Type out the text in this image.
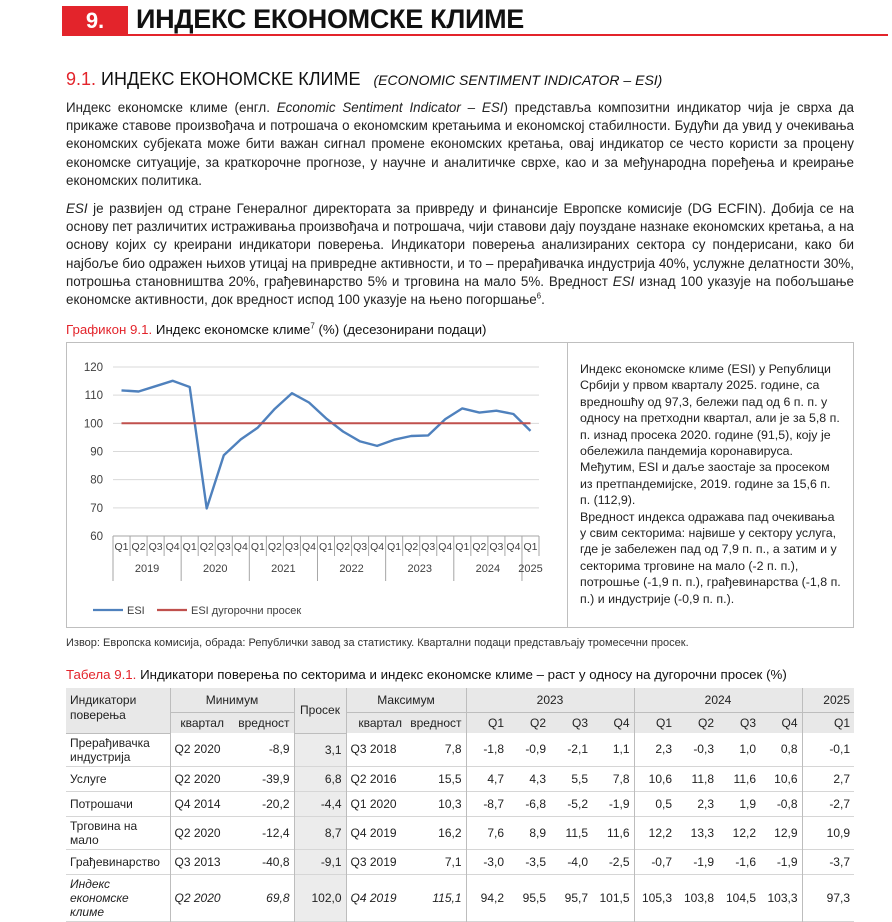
9.	ИНДЕКС ЕКОНОМСКЕ КЛИМЕ
9.1. ИНДЕКС ЕКОНОМСКЕ КЛИМЕ (ECONOMIC SENTIMENT INDICATOR – ESI)
Индекс економске климе (енгл. Economic Sentiment Indicator – ESI) представља композитни индикатор чија је сврха да прикаже ставове произвођача и потрошача о економским кретањима и економској стабилности. Будући да увид у очекивања економских субјеката може бити важан сигнал промене економских кретања, овај индикатор се често користи за процену економске ситуације, за краткорочне прогнозе, у научне и аналитичке сврхе, као и за међународна поређења и креирање економских политика.
ESI је развијен од стране Генералног директората за привреду и финансије Европске комисије (DG ECFIN). Добија се на основу пет различитих истраживања произвођача и потрошача, чији ставови дају поуздане назнаке економских кретања, а на основу којих су креирани индикатори поверења. Индикатори поверења анализираних сектора су пондерисани, како би најбоље био одражен њихов утицај на привредне активности, и то – прерађивачка индустрија 40%, услужне делатности 30%, потрошња становништва 20%, грађевинарство 5% и трговина на мало 5%. Вредност ESI изнад 100 указује на побољшање економске активности, док вредност испод 100 указује на њено погоршање$^6$.
Графикон 9.1. Индекс економске климе$^7$ (%) (десезонирани подаци)
60
70
80
90
100
110
120
Q1 Q2 Q3 Q4 Q1 Q2 Q3 Q4 Q1 Q2 Q3 Q4 Q1 Q2 Q3 Q4 Q1 Q2 Q3 Q4 Q1 Q2 Q3 Q4 Q1
2019	2020	2021	2022	2023	2024 2025
ESI	ESI дугорочни просек

Индекс економске климе (ESI) у Републици Србији у првом кварталу 2025. године, са вредношћу од 97,3, бележи пад од 6 п. п. у односу на претходни квартал, али је за 5,8 п. п. изнад просека 2020. године (91,5), коју је обележила пандемија коронавируса. Међутим, ESI и даље заостаје за просеком из претпандемијске, 2019. године за 15,6 п. п. (112,9).

Вредност индекса одражава пад очекивања у свим секторима: највише у сектору услуга, где је забележен пад од 7,9 п. п., а затим и у секторима трговине на мало (-2 п. п.), потрошње (-1,9 п. п.), грађевинарства (-1,8 п. п.) и индустрије (-0,9 п. п.).

Извор: Европска комисија, обрада: Републички завод за статистику. Квартални подаци представљају тромесечни просек.
Табела 9.1. Индикатори поверења по секторима и индекс економске климе – раст у односу на дугорочни просек (%)
Индикатори поверења	Минимум		Просек	Максимум		2023				2024				2025
	квартал	вредност		квартал	вредност	Q1	Q2	Q3	Q4	Q1	Q2	Q3	Q4	Q1
Прерађивачка индустрија	Q2 2020	-8,9	3,1	Q3 2018	7,8	-1,8	-0,9	-2,1	1,1	2,3	-0,3	1,0	0,8	-0,1
Услуге	Q2 2020	-39,9	6,8	Q2 2016	15,5	4,7	4,3	5,5	7,8	10,6	11,8	11,6	10,6	2,7
Потрошачи	Q4 2014	-20,2	-4,4	Q1 2020	10,3	-8,7	-6,8	-5,2	-1,9	0,5	2,3	1,9	-0,8	-2,7
Трговина на мало	Q2 2020	-12,4	8,7	Q4 2019	16,2	7,6	8,9	11,5	11,6	12,2	13,3	12,2	12,9	10,9
Грађевинарство	Q3 2013	-40,8	-9,1	Q3 2019	7,1	-3,0	-3,5	-4,0	-2,5	-0,7	-1,9	-1,6	-1,9	-3,7
Индекс економске климе	Q2 2020	69,8	102,0	Q4 2019	115,1	94,2	95,5	95,7	101,5	105,3	103,8	104,5	103,3	97,3
